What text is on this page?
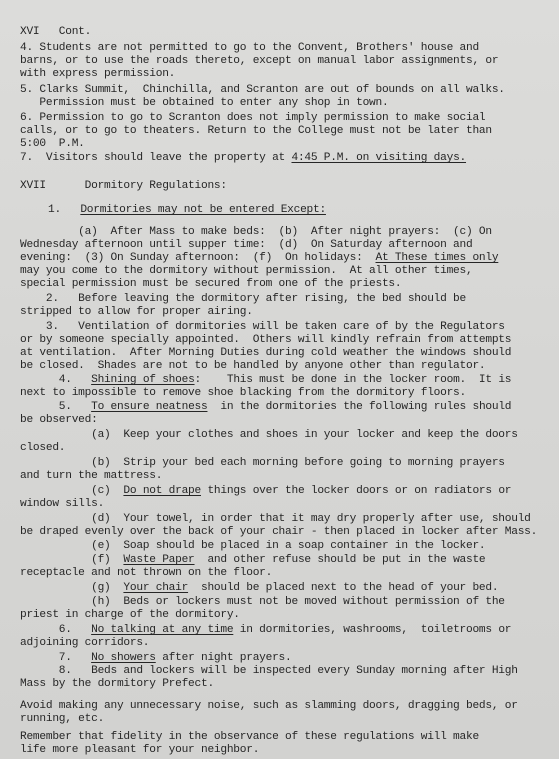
XVI   Cont.
4. Students are not permitted to go to the Convent, Brothers' house and
barns, or to use the roads thereto, except on manual labor assignments, or
with express permission.
5. Clarks Summit,  Chinchilla, and Scranton are out of bounds on all walks.
Permission must be obtained to enter any shop in town.
6. Permission to go to Scranton does not imply permission to make social
calls, or to go to theaters. Return to the College must not be later than
5:00  P.M.
7.  Visitors should leave the property at 4:45 P.M. on visiting days.
XVII      Dormitory Regulations:
1.   Dormitories may not be entered Except:
(a)  After Mass to make beds:  (b)  After night prayers:  (c) On
Wednesday afternoon until supper time:  (d)  On Saturday afternoon and
evening:  (3) On Sunday afternoon:  (f)  On holidays:  At These times only
may you come to the dormitory without permission.  At all other times,
special permission must be secured from one of the priests.
2.   Before leaving the dormitory after rising, the bed should be
stripped to allow for proper airing.
3.   Ventilation of dormitories will be taken care of by the Regulators
or by someone specially appointed.  Others will kindly refrain from attempts
at ventilation.  After Morning Duties during cold weather the windows should
be closed.  Shades are not to be handled by anyone other than regulator.
4.   Shining of shoes:    This must be done in the locker room.  It is
next to impossible to remove shoe blacking from the dormitory floors.
5.   To ensure neatness  in the dormitories the following rules should
be observed:
(a)  Keep your clothes and shoes in your locker and keep the doors
closed.
(b)  Strip your bed each morning before going to morning prayers
and turn the mattress.
(c)  Do not drape things over the locker doors or on radiators or
window sills.
(d)  Your towel, in order that it may dry properly after use, should
be draped evenly over the back of your chair - then placed in locker after Mass.
(e)  Soap should be placed in a soap container in the locker.
(f)  Waste Paper  and other refuse should be put in the waste
receptacle and not thrown on the floor.
(g)  Your chair  should be placed next to the head of your bed.
(h)  Beds or lockers must not be moved without permission of the
priest in charge of the dormitory.
6.   No talking at any time in dormitories, washrooms,  toiletrooms or
adjoining corridors.
7.   No showers after night prayers.
8.   Beds and lockers will be inspected every Sunday morning after High
Mass by the dormitory Prefect.
Avoid making any unnecessary noise, such as slamming doors, dragging beds, or
running, etc.
Remember that fidelity in the observance of these regulations will make
life more pleasant for your neighbor.
